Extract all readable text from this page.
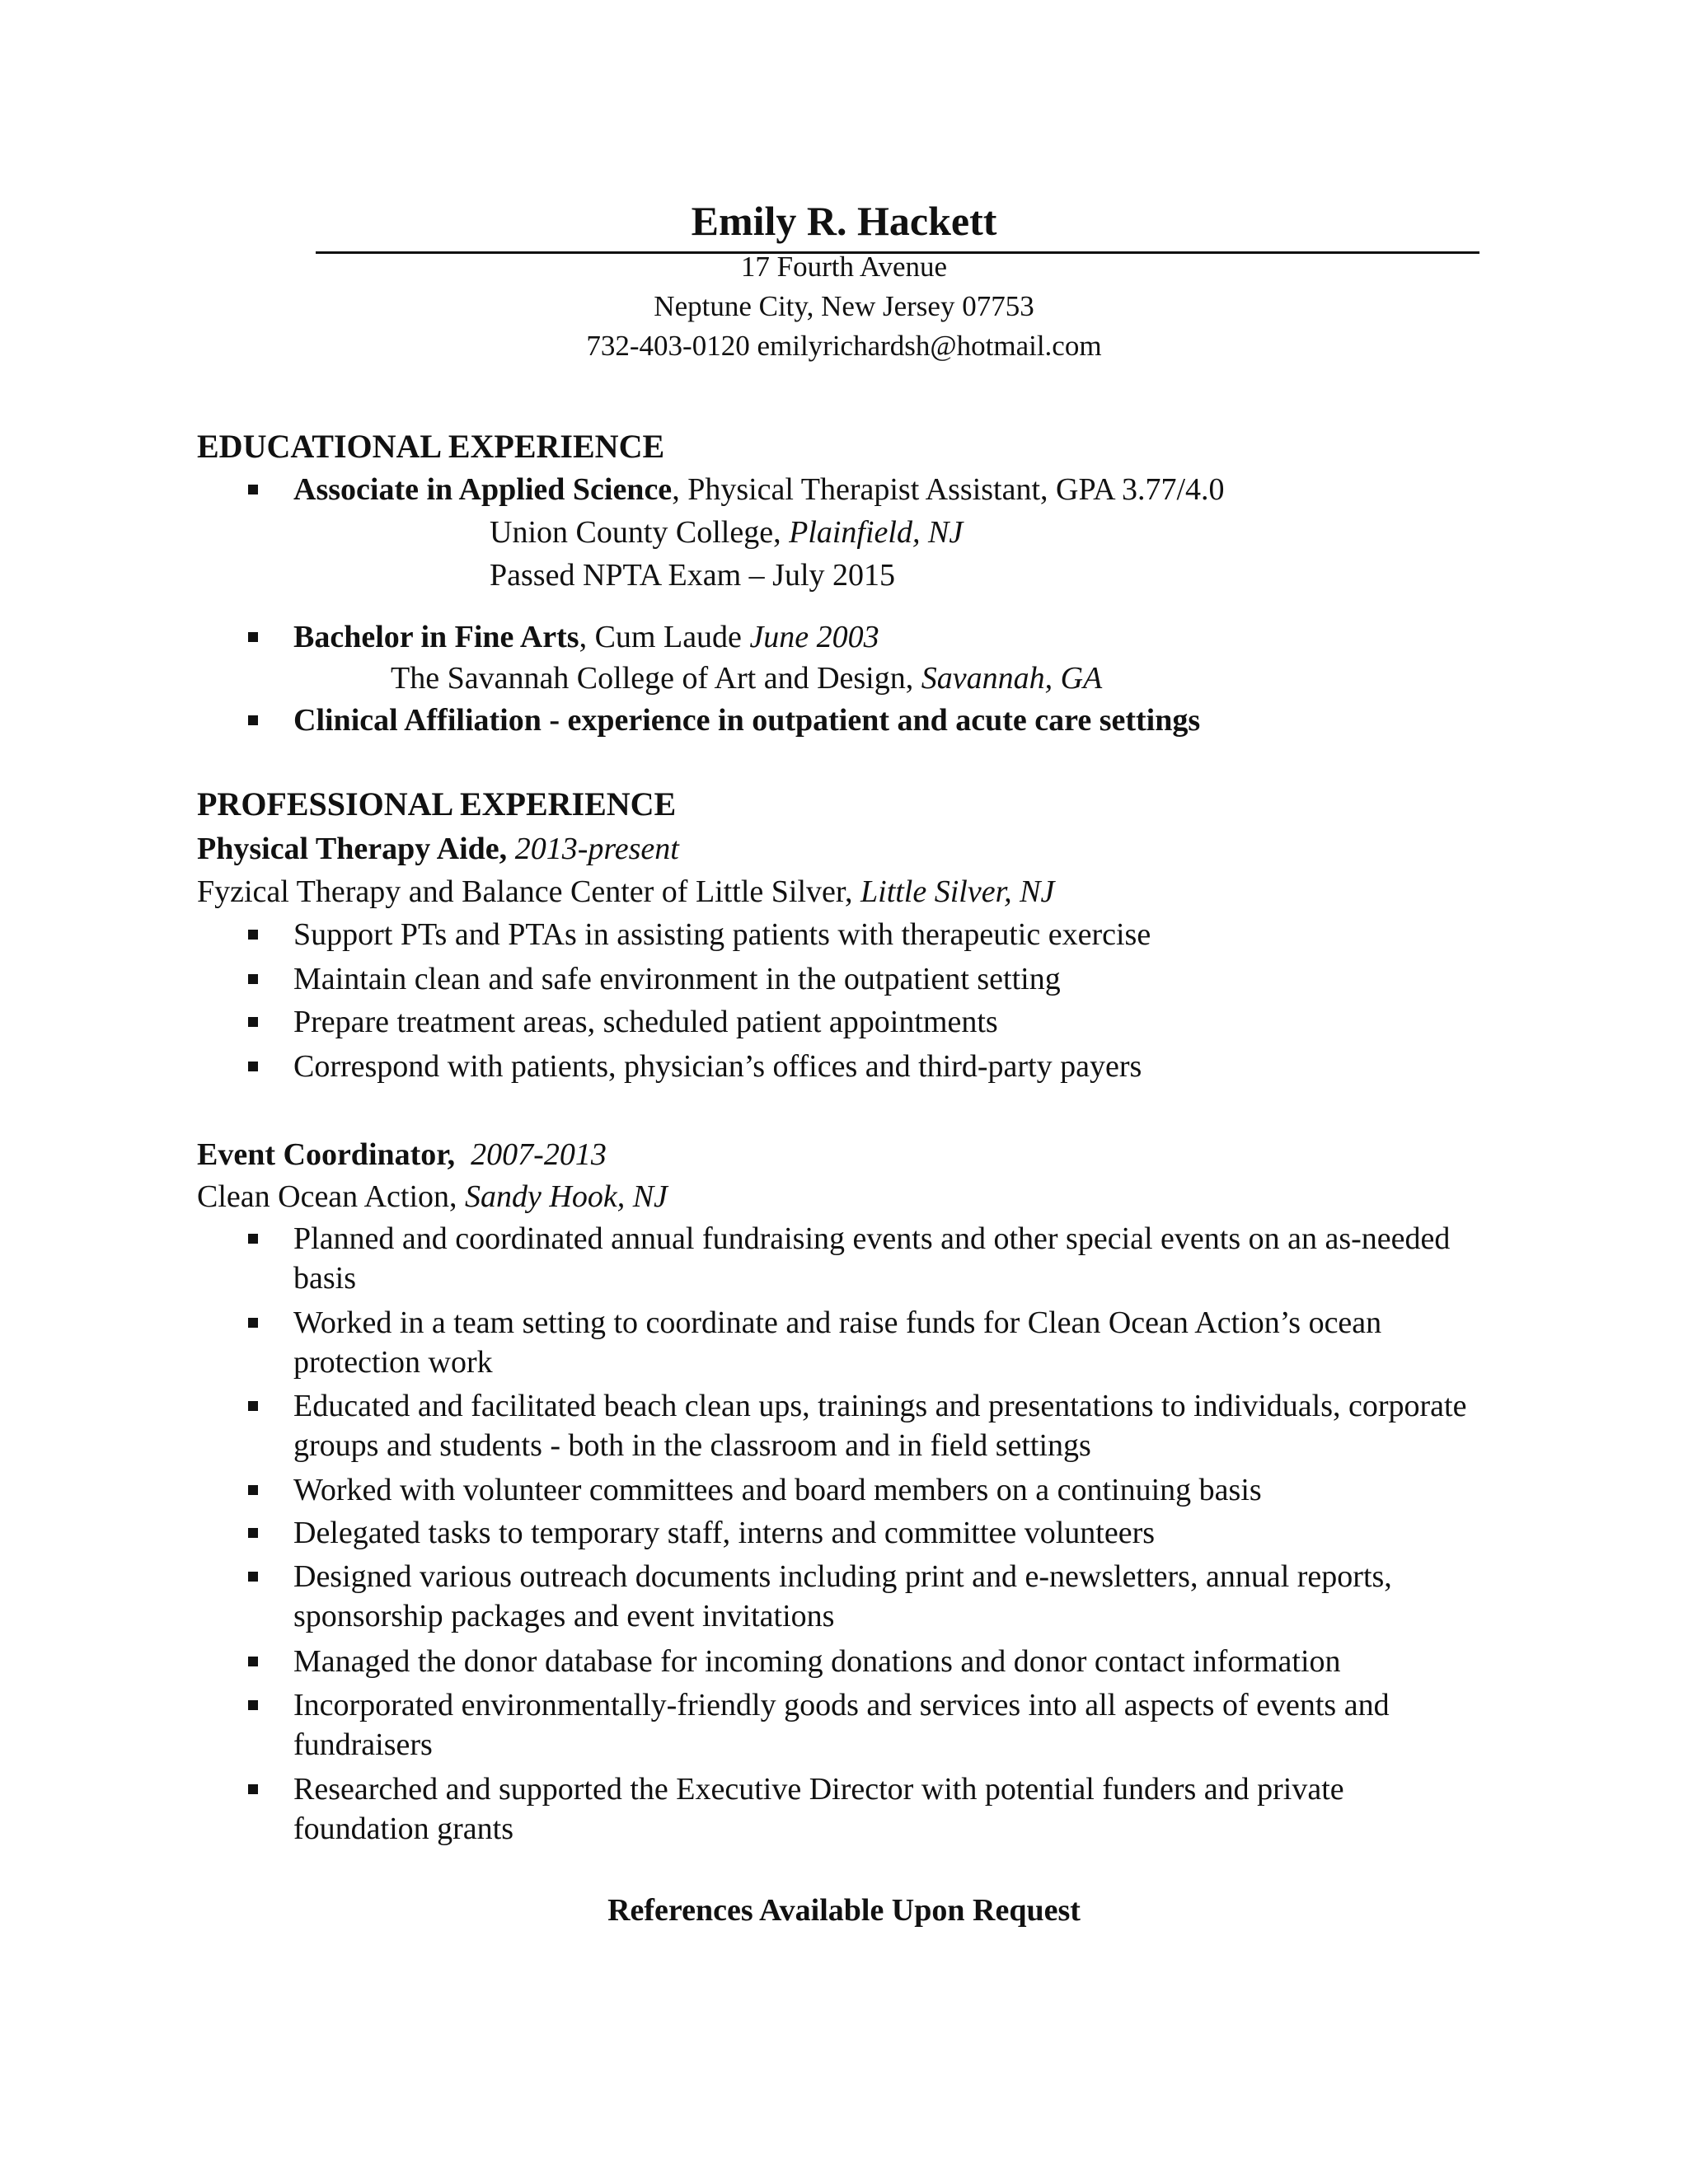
Emily R. Hackett
17 Fourth Avenue
Neptune City, New Jersey 07753
732-403-0120 emilyrichardsh@hotmail.com
EDUCATIONAL EXPERIENCE
Associate in Applied Science, Physical Therapist Assistant, GPA 3.77/4.0
Union County College, Plainfield, NJ
Passed NPTA Exam – July 2015
Bachelor in Fine Arts, Cum Laude June 2003
The Savannah College of Art and Design, Savannah, GA
Clinical Affiliation - experience in outpatient and acute care settings
PROFESSIONAL EXPERIENCE
Physical Therapy Aide, 2013-present
Fyzical Therapy and Balance Center of Little Silver, Little Silver, NJ
Support PTs and PTAs in assisting patients with therapeutic exercise
Maintain clean and safe environment in the outpatient setting
Prepare treatment areas, scheduled patient appointments
Correspond with patients, physician’s offices and third-party payers
Event Coordinator, 2007-2013
Clean Ocean Action, Sandy Hook, NJ
Planned and coordinated annual fundraising events and other special events on an as-needed basis
Worked in a team setting to coordinate and raise funds for Clean Ocean Action’s ocean protection work
Educated and facilitated beach clean ups, trainings and presentations to individuals, corporate groups and students - both in the classroom and in field settings
Worked with volunteer committees and board members on a continuing basis
Delegated tasks to temporary staff, interns and committee volunteers
Designed various outreach documents including print and e-newsletters, annual reports, sponsorship packages and event invitations
Managed the donor database for incoming donations and donor contact information
Incorporated environmentally-friendly goods and services into all aspects of events and fundraisers
Researched and supported the Executive Director with potential funders and private foundation grants
References Available Upon Request
